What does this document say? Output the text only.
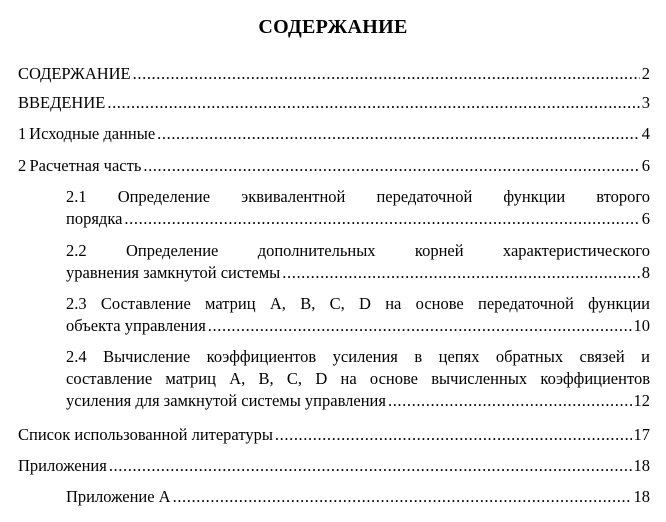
СОДЕРЖАНИЕ
СОДЕРЖАНИЕ .....	2
ВВЕДЕНИЕ .....	3
1 Исходные данные .....	4
2 Расчетная часть .....	6
2.1 Определение эквивалентной передаточной функции второго
порядка .....	6
2.2 Определение дополнительных корней характеристического
уравнения замкнутой системы .....	8
2.3 Составление матриц A, B, C, D на основе передаточной функции
объекта управления .....	10
2.4 Вычисление коэффициентов усиления в цепях обратных связей и
составление матриц A, B, C, D на основе вычисленных коэффициентов
усиления для замкнутой системы управления .....	12
Список использованной литературы .....	17
Приложения .....	18
Приложение А .....	18
